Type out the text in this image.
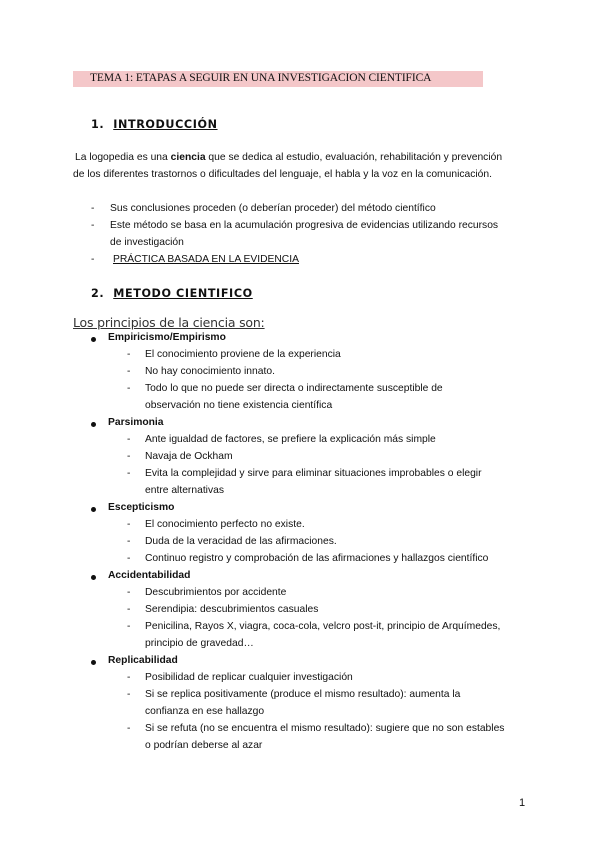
TEMA 1: ETAPAS A SEGUIR EN UNA INVESTIGACION CIENTIFICA
1. INTRODUCCIÓN
La logopedia es una ciencia que se dedica al estudio, evaluación, rehabilitación y prevención
de los diferentes trastornos o dificultades del lenguaje, el habla y la voz en la comunicación.
- Sus conclusiones proceden (o deberían proceder) del método científico
- Este método se basa en la acumulación progresiva de evidencias utilizando recursos
de investigación
- PRÁCTICA BASADA EN LA EVIDENCIA
2. METODO CIENTIFICO
Los principios de la ciencia son:
Empiricismo/Empirismo
- El conocimiento proviene de la experiencia
- No hay conocimiento innato.
- Todo lo que no puede ser directa o indirectamente susceptible de
observación no tiene existencia científica
Parsimonia
- Ante igualdad de factores, se prefiere la explicación más simple
- Navaja de Ockham
- Evita la complejidad y sirve para eliminar situaciones improbables o elegir
entre alternativas
Escepticismo
- El conocimiento perfecto no existe.
- Duda de la veracidad de las afirmaciones.
- Continuo registro y comprobación de las afirmaciones y hallazgos científico
Accidentabilidad
- Descubrimientos por accidente
- Serendipia: descubrimientos casuales
- Penicilina, Rayos X, viagra, coca-cola, velcro post-it, principio de Arquímedes,
principio de gravedad…
Replicabilidad
- Posibilidad de replicar cualquier investigación
- Si se replica positivamente (produce el mismo resultado): aumenta la
confianza en ese hallazgo
- Si se refuta (no se encuentra el mismo resultado): sugiere que no son estables
o podrían deberse al azar
1
